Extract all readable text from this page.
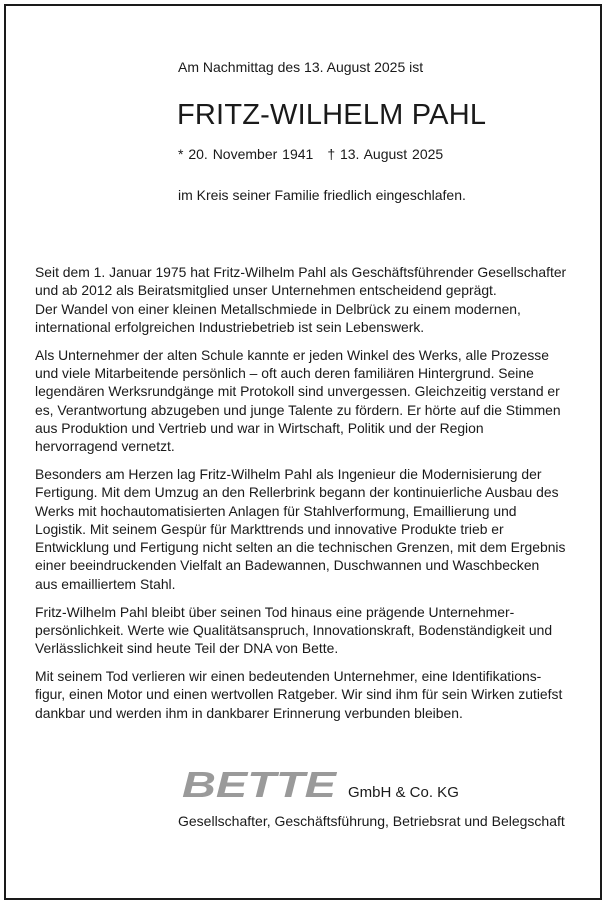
Am Nachmittag des 13. August 2025 ist
FRITZ-WILHELM PAHL
* 20. November 1941 † 13. August 2025
im Kreis seiner Familie friedlich eingeschlafen.

Seit dem 1. Januar 1975 hat Fritz-Wilhelm Pahl als Geschäftsführender Gesellschafter
und ab 2012 als Beiratsmitglied unser Unternehmen entscheidend geprägt.
Der Wandel von einer kleinen Metallschmiede in Delbrück zu einem modernen,
international erfolgreichen Industriebetrieb ist sein Lebenswerk.

Als Unternehmer der alten Schule kannte er jeden Winkel des Werks, alle Prozesse
und viele Mitarbeitende persönlich – oft auch deren familiären Hintergrund. Seine
legendären Werksrundgänge mit Protokoll sind unvergessen. Gleichzeitig verstand er
es, Verantwortung abzugeben und junge Talente zu fördern. Er hörte auf die Stimmen
aus Produktion und Vertrieb und war in Wirtschaft, Politik und der Region
hervorragend vernetzt.

Besonders am Herzen lag Fritz-Wilhelm Pahl als Ingenieur die Modernisierung der
Fertigung. Mit dem Umzug an den Rellerbrink begann der kontinuierliche Ausbau des
Werks mit hochautomatisierten Anlagen für Stahlverformung, Emaillierung und
Logistik. Mit seinem Gespür für Markttrends und innovative Produkte trieb er
Entwicklung und Fertigung nicht selten an die technischen Grenzen, mit dem Ergebnis
einer beeindruckenden Vielfalt an Badewannen, Duschwannen und Waschbecken
aus emailliertem Stahl.

Fritz-Wilhelm Pahl bleibt über seinen Tod hinaus eine prägende Unternehmer-
persönlichkeit. Werte wie Qualitätsanspruch, Innovationskraft, Bodenständigkeit und
Verlässlichkeit sind heute Teil der DNA von Bette.

Mit seinem Tod verlieren wir einen bedeutenden Unternehmer, eine Identifikations-
figur, einen Motor und einen wertvollen Ratgeber. Wir sind ihm für sein Wirken zutiefst
dankbar und werden ihm in dankbarer Erinnerung verbunden bleiben.

BETTE GmbH & Co. KG
Gesellschafter, Geschäftsführung, Betriebsrat und Belegschaft
